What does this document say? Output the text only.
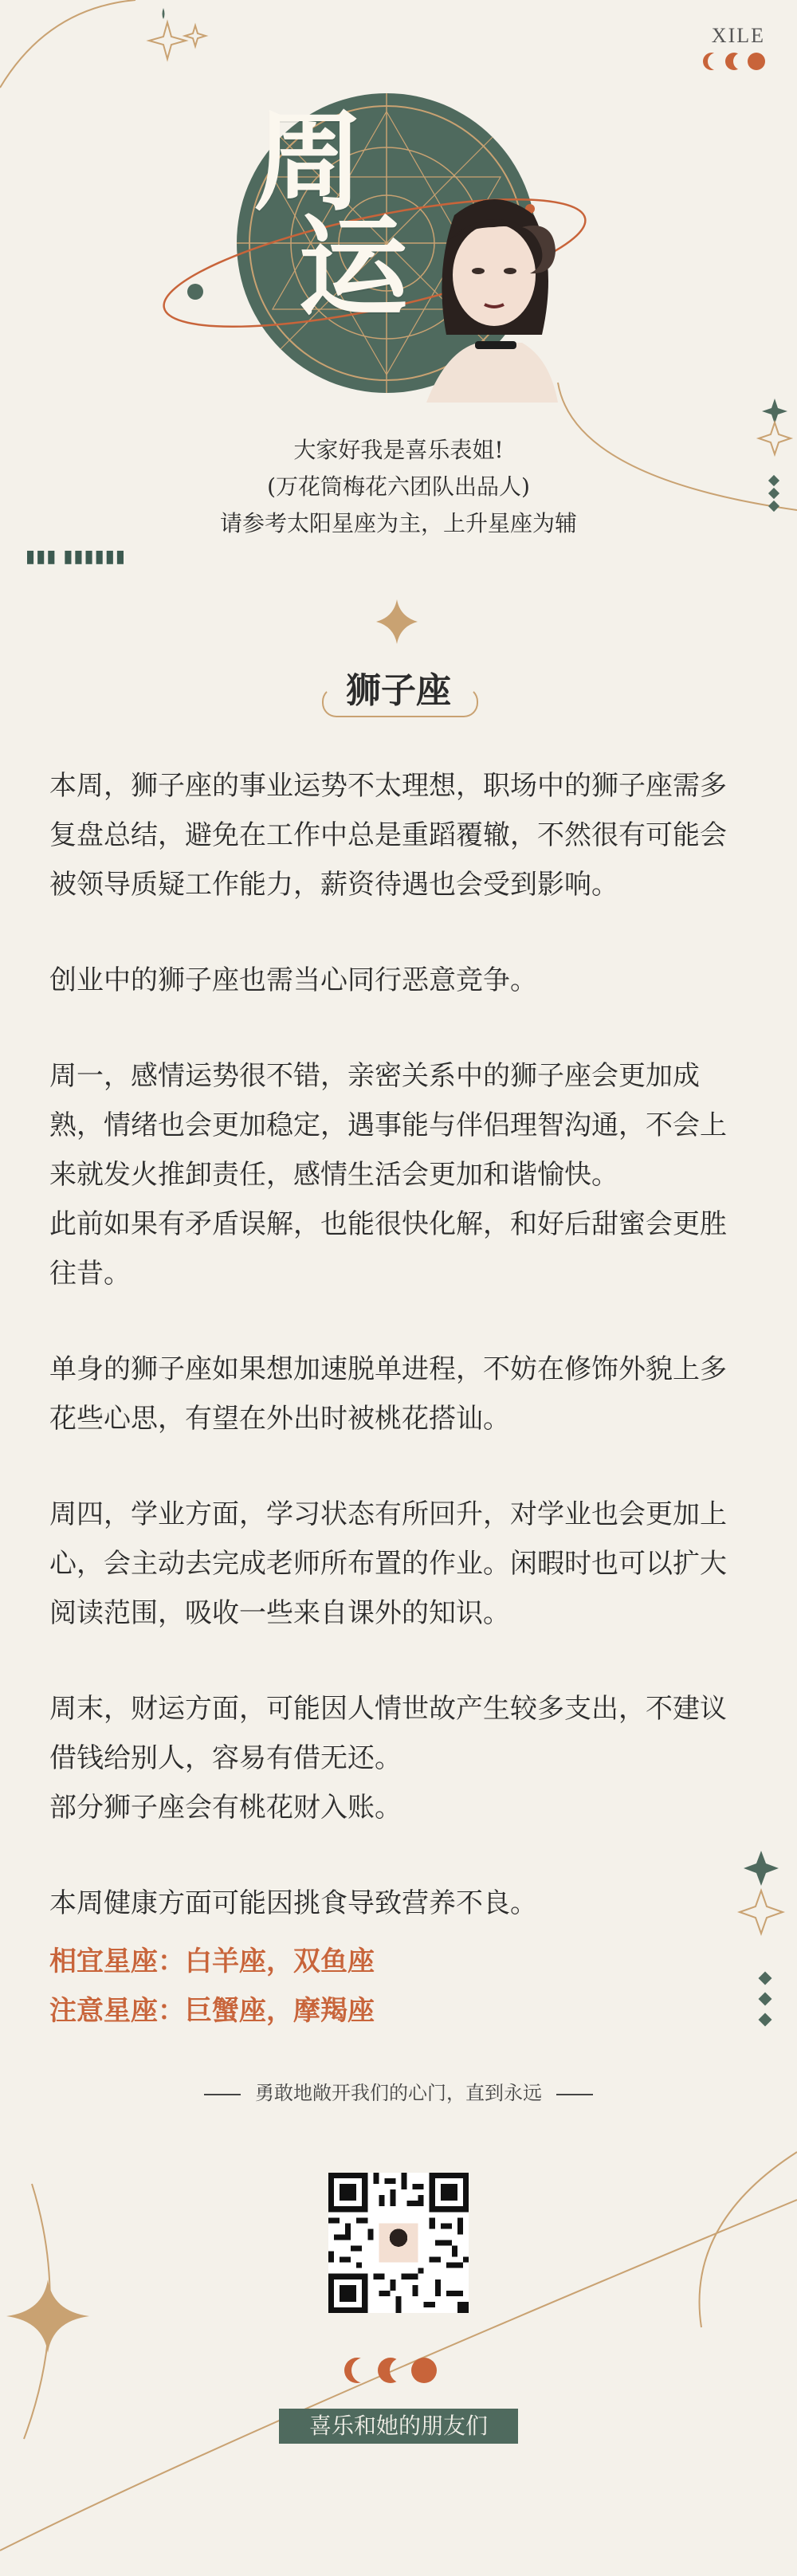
XILE
周
运
大家好我是喜乐表姐!
(万花筒梅花六团队出品人)
请参考太阳星座为主，上升星座为辅
▮▮▮ ▮▮▮▮▮▮
狮子座

本周，狮子座的事业运势不太理想，职场中的狮子座需多复盘总结，避免在工作中总是重蹈覆辙，不然很有可能会被领导质疑工作能力，薪资待遇也会受到影响。

创业中的狮子座也需当心同行恶意竞争。

周一，感情运势很不错，亲密关系中的狮子座会更加成熟，情绪也会更加稳定，遇事能与伴侣理智沟通，不会上来就发火推卸责任，感情生活会更加和谐愉快。

此前如果有矛盾误解，也能很快化解，和好后甜蜜会更胜往昔。

单身的狮子座如果想加速脱单进程，不妨在修饰外貌上多花些心思，有望在外出时被桃花搭讪。

周四，学业方面，学习状态有所回升，对学业也会更加上心，会主动去完成老师所布置的作业。闲暇时也可以扩大阅读范围，吸收一些来自课外的知识。

周末，财运方面，可能因人情世故产生较多支出，不建议借钱给别人，容易有借无还。

部分狮子座会有桃花财入账。

本周健康方面可能因挑食导致营养不良。

相宜星座：白羊座，双鱼座
注意星座：巨蟹座，摩羯座
勇敢地敞开我们的心门，直到永远
喜乐和她的朋友们
